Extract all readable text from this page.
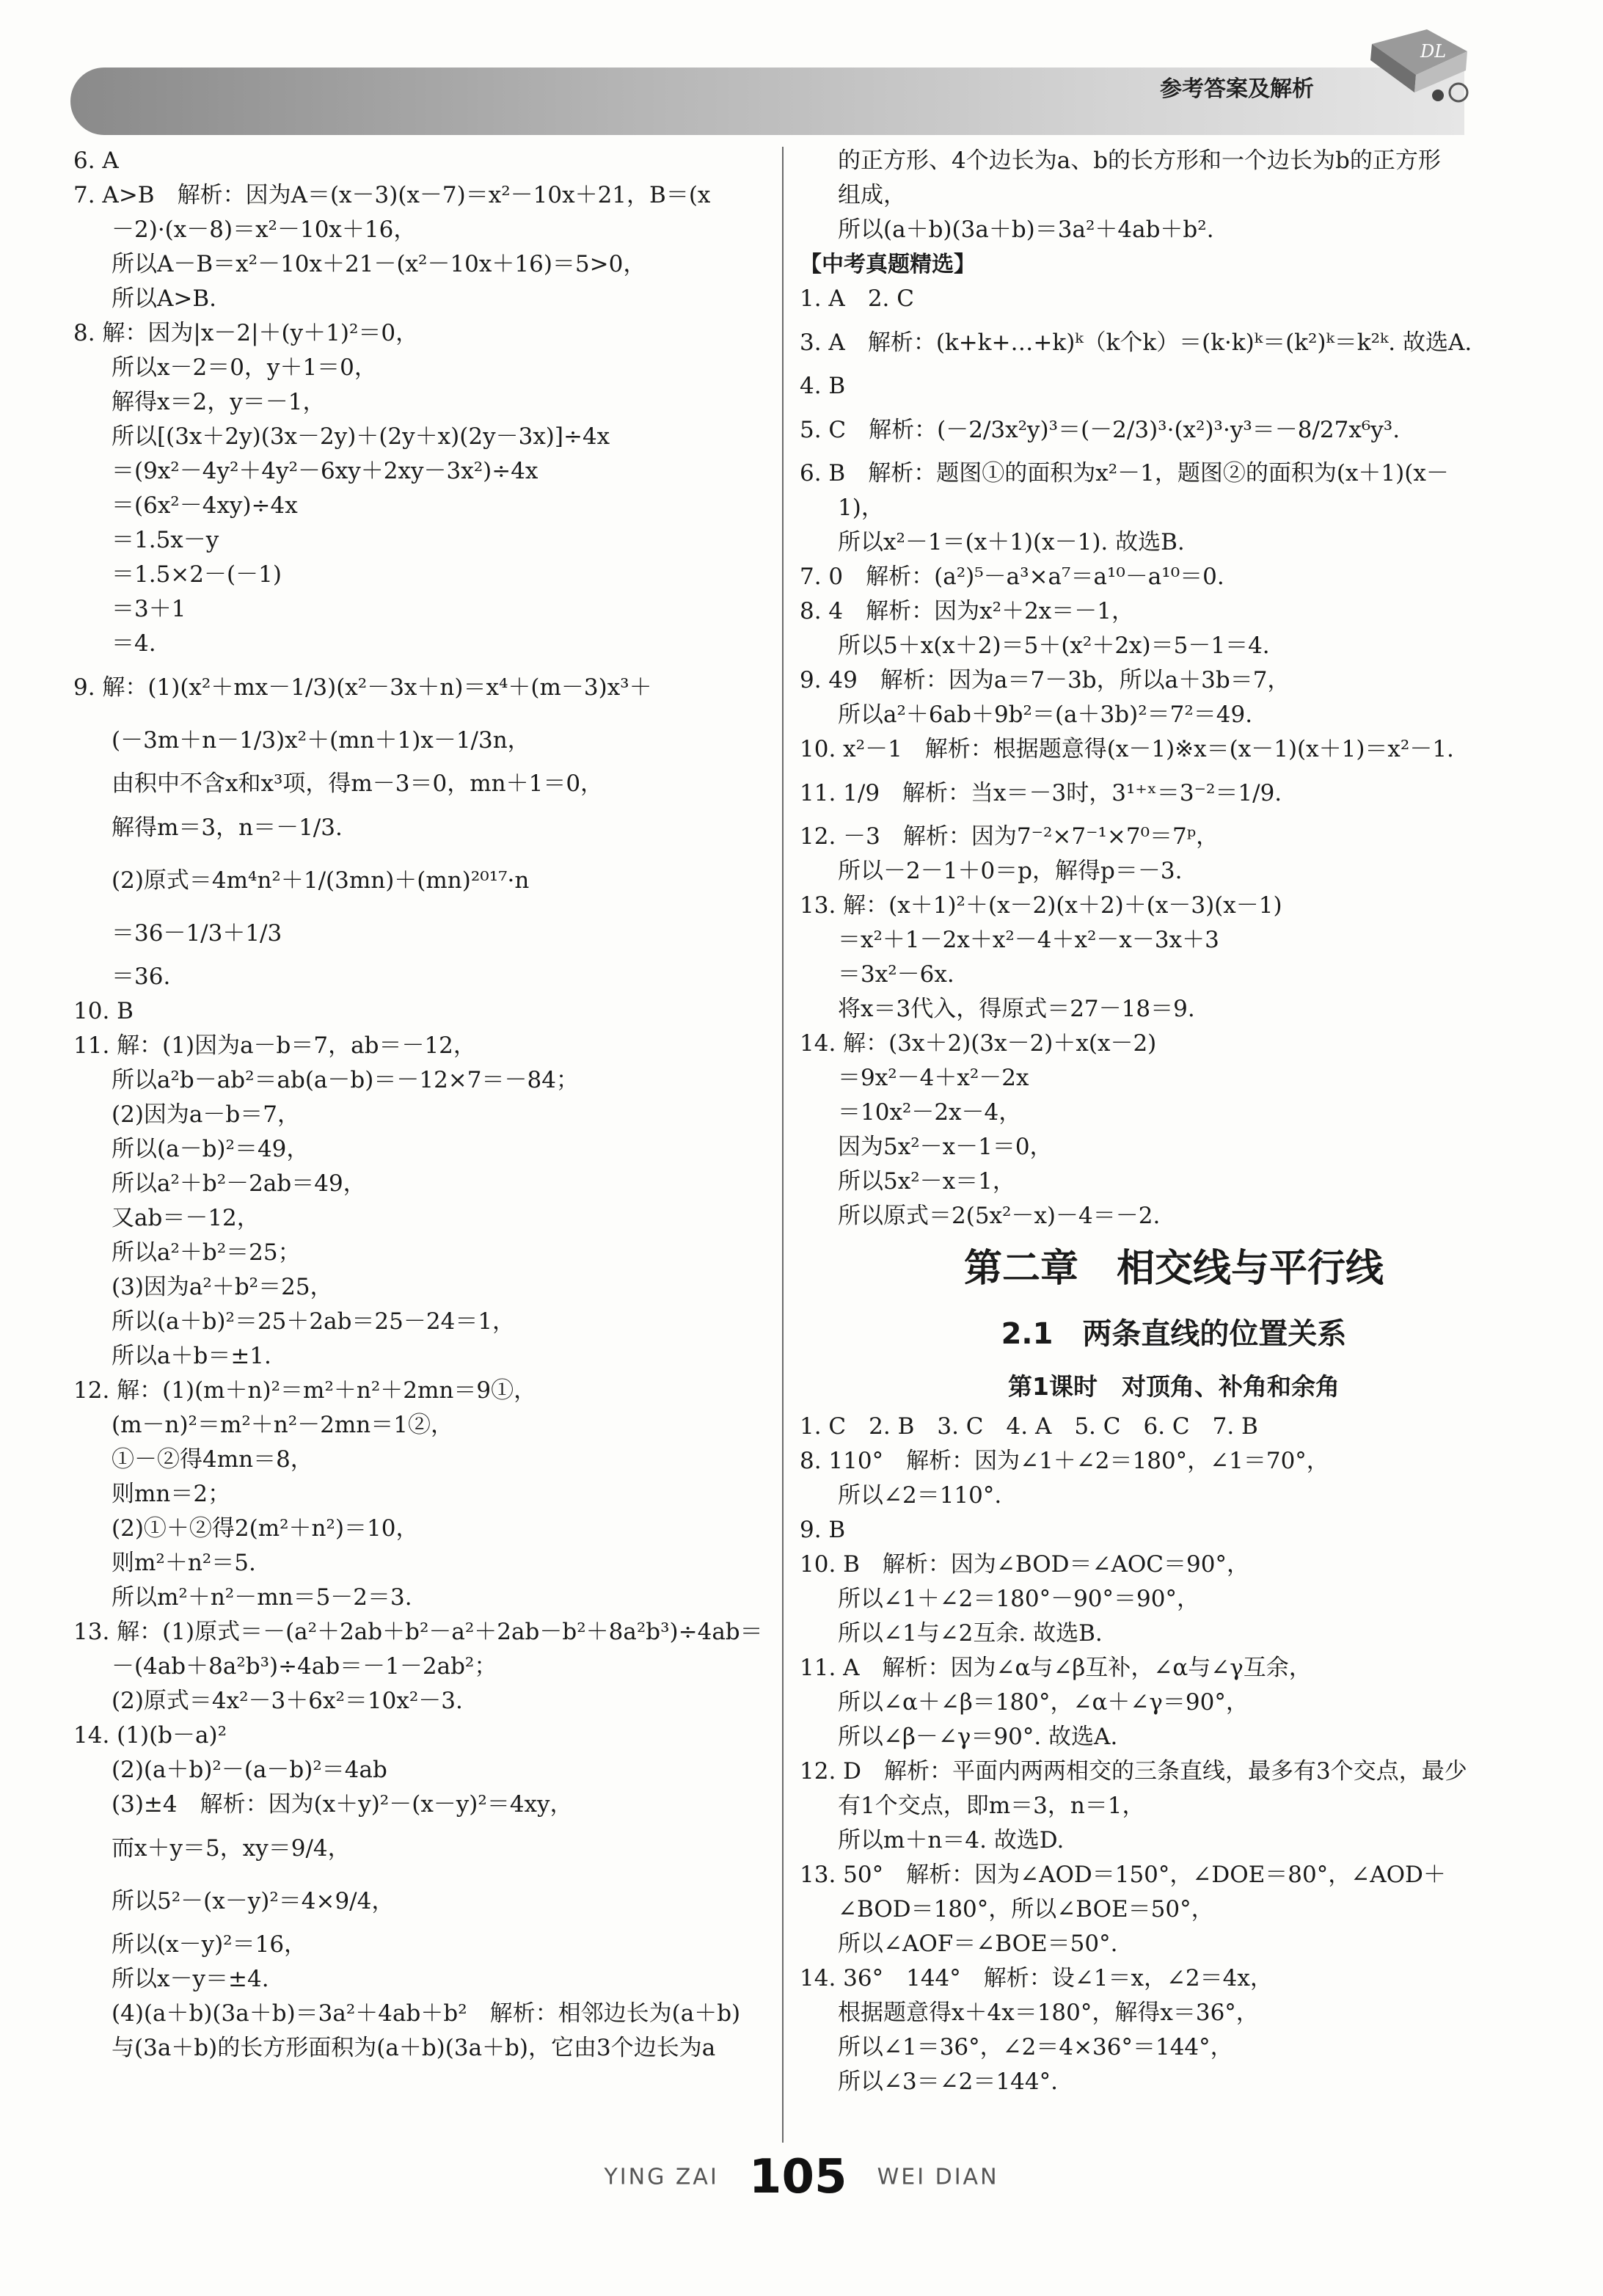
参考答案及解析
DL
6. A
7. A>B　解析：因为A＝(x－3)(x－7)＝x²－10x＋21，B＝(x
－2)·(x－8)＝x²－10x＋16，
所以A－B＝x²－10x＋21－(x²－10x＋16)＝5>0，
所以A>B.
8. 解：因为|x－2|＋(y＋1)²＝0，
所以x－2＝0，y＋1＝0，
解得x＝2，y＝－1，
所以[(3x＋2y)(3x－2y)＋(2y＋x)(2y－3x)]÷4x
＝(9x²－4y²＋4y²－6xy＋2xy－3x²)÷4x
＝(6x²－4xy)÷4x
＝1.5x－y
＝1.5×2－(－1)
＝3＋1
＝4.
9. 解：(1)(x²＋mx－1/3)(x²－3x＋n)＝x⁴＋(m－3)x³＋
(－3m＋n－1/3)x²＋(mn＋1)x－1/3n，
由积中不含x和x³项，得m－3＝0，mn＋1＝0，
解得m＝3，n＝－1/3.
(2)原式＝4m⁴n²＋1/(3mn)＋(mn)²⁰¹⁷·n
＝36－1/3＋1/3
＝36.
10. B
11. 解：(1)因为a－b＝7，ab＝－12，
所以a²b－ab²＝ab(a－b)＝－12×7＝－84；
(2)因为a－b＝7，
所以(a－b)²＝49，
所以a²＋b²－2ab＝49，
又ab＝－12，
所以a²＋b²＝25；
(3)因为a²＋b²＝25，
所以(a＋b)²＝25＋2ab＝25－24＝1，
所以a＋b＝±1.
12. 解：(1)(m＋n)²＝m²＋n²＋2mn＝9①，
(m－n)²＝m²＋n²－2mn＝1②，
①－②得4mn＝8，
则mn＝2；
(2)①＋②得2(m²＋n²)＝10，
则m²＋n²＝5.
所以m²＋n²－mn＝5－2＝3.
13. 解：(1)原式＝－(a²＋2ab＋b²－a²＋2ab－b²＋8a²b³)÷4ab＝
－(4ab＋8a²b³)÷4ab＝－1－2ab²；
(2)原式＝4x²－3＋6x²＝10x²－3.
14. (1)(b－a)²
(2)(a＋b)²－(a－b)²＝4ab
(3)±4　解析：因为(x＋y)²－(x－y)²＝4xy，
而x＋y＝5，xy＝9/4，
所以5²－(x－y)²＝4×9/4，
所以(x－y)²＝16，
所以x－y＝±4.
(4)(a＋b)(3a＋b)＝3a²＋4ab＋b²　解析：相邻边长为(a＋b)
与(3a＋b)的长方形面积为(a＋b)(3a＋b)，它由3个边长为a
的正方形、4个边长为a、b的长方形和一个边长为b的正方形
组成，
所以(a＋b)(3a＋b)＝3a²＋4ab＋b².
【中考真题精选】
1. A　2. C
3. A　解析：(k+k+…+k)ᵏ（k个k）＝(k·k)ᵏ＝(k²)ᵏ＝k²ᵏ. 故选A.
4. B
5. C　解析：(－2/3x²y)³＝(－2/3)³·(x²)³·y³＝－8/27x⁶y³.
6. B　解析：题图①的面积为x²－1，题图②的面积为(x＋1)(x－
1)，
所以x²－1＝(x＋1)(x－1). 故选B.
7. 0　解析：(a²)⁵－a³×a⁷＝a¹⁰－a¹⁰＝0.
8. 4　解析：因为x²＋2x＝－1，
所以5＋x(x＋2)＝5＋(x²＋2x)＝5－1＝4.
9. 49　解析：因为a＝7－3b，所以a＋3b＝7，
所以a²＋6ab＋9b²＝(a＋3b)²＝7²＝49.
10. x²－1　解析：根据题意得(x－1)※x＝(x－1)(x＋1)＝x²－1.
11. 1/9　解析：当x＝－3时，3¹⁺ˣ＝3⁻²＝1/9.
12. －3　解析：因为7⁻²×7⁻¹×7⁰＝7ᵖ，
所以－2－1＋0＝p，解得p＝－3.
13. 解：(x＋1)²＋(x－2)(x＋2)＋(x－3)(x－1)
＝x²＋1－2x＋x²－4＋x²－x－3x＋3
＝3x²－6x.
将x＝3代入，得原式＝27－18＝9.
14. 解：(3x＋2)(3x－2)＋x(x－2)
＝9x²－4＋x²－2x
＝10x²－2x－4，
因为5x²－x－1＝0，
所以5x²－x＝1，
所以原式＝2(5x²－x)－4＝－2.
第二章　相交线与平行线
2.1　两条直线的位置关系
第1课时　对顶角、补角和余角
1. C　2. B　3. C　4. A　5. C　6. C　7. B
8. 110°　解析：因为∠1＋∠2＝180°，∠1＝70°，
所以∠2＝110°.
9. B
10. B　解析：因为∠BOD＝∠AOC＝90°，
所以∠1＋∠2＝180°－90°＝90°，
所以∠1与∠2互余. 故选B.
11. A　解析：因为∠α与∠β互补，∠α与∠γ互余，
所以∠α＋∠β＝180°，∠α＋∠γ＝90°，
所以∠β－∠γ＝90°. 故选A.
12. D　解析：平面内两两相交的三条直线，最多有3个交点，最少
有1个交点，即m＝3，n＝1，
所以m＋n＝4. 故选D.
13. 50°　解析：因为∠AOD＝150°，∠DOE＝80°，∠AOD＋
∠BOD＝180°，所以∠BOE＝50°，
所以∠AOF＝∠BOE＝50°.
14. 36°　144°　解析：设∠1＝x，∠2＝4x，
根据题意得x＋4x＝180°，解得x＝36°，
所以∠1＝36°，∠2＝4×36°＝144°，
所以∠3＝∠2＝144°.
YING ZAI 105 WEI DIAN
